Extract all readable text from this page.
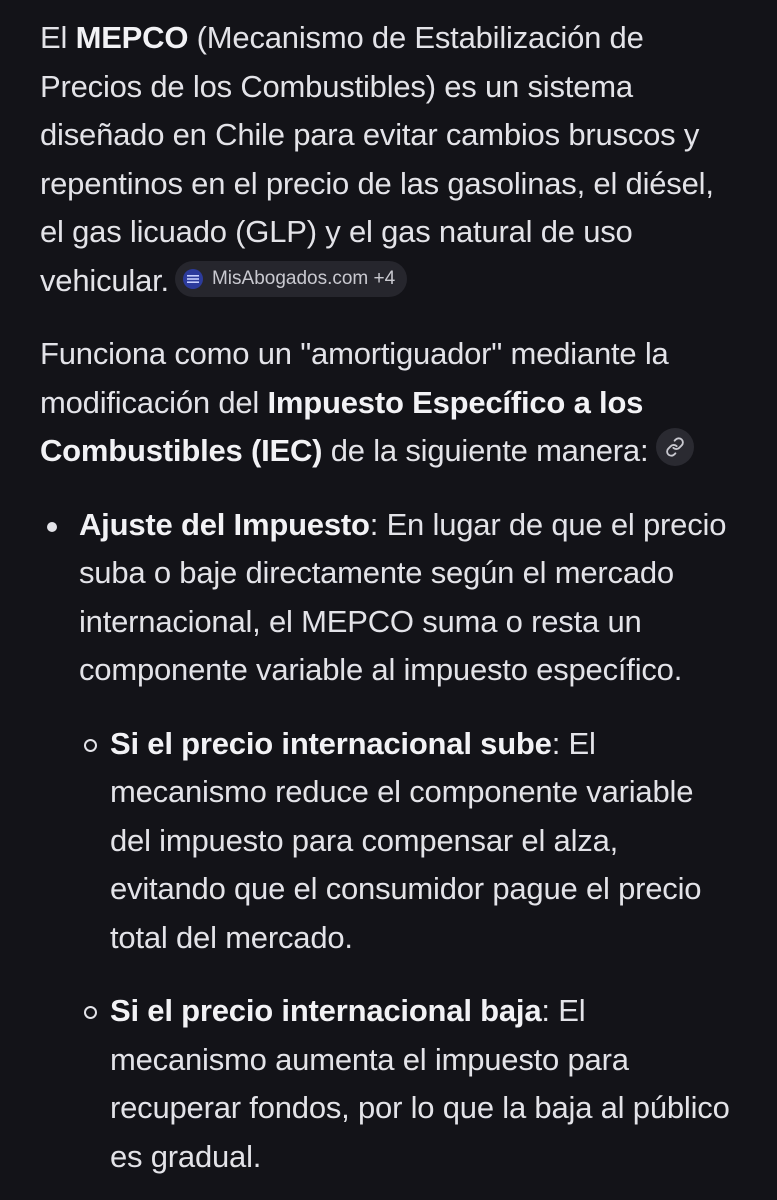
El MEPCO (Mecanismo de Estabilización de Precios de los Combustibles) es un sistema diseñado en Chile para evitar cambios bruscos y repentinos en el precio de las gasolinas, el diésel, el gas licuado (GLP) y el gas natural de uso vehicular. MisAbogados.com +4

Funciona como un "amortiguador" mediante la modificación del Impuesto Específico a los Combustibles (IEC) de la siguiente manera:

Ajuste del Impuesto: En lugar de que el precio suba o baje directamente según el mercado internacional, el MEPCO suma o resta un componente variable al impuesto específico.
Si el precio internacional sube: El mecanismo reduce el componente variable del impuesto para compensar el alza, evitando que el consumidor pague el precio total del mercado.
Si el precio internacional baja: El mecanismo aumenta el impuesto para recuperar fondos, por lo que la baja al público es gradual.
